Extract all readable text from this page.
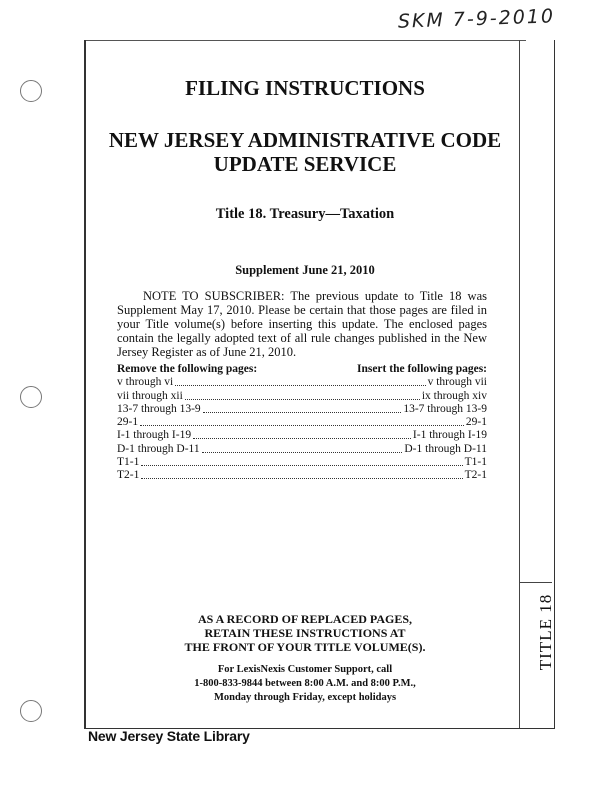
SKM 7-9-2010
TITLE 18
FILING INSTRUCTIONS
NEW JERSEY ADMINISTRATIVE CODE
UPDATE SERVICE
Title 18. Treasury—Taxation
Supplement June 21, 2010
NOTE TO SUBSCRIBER: The previous update to Title 18 was Supplement May 17, 2010. Please be certain that those pages are filed in your Title volume(s) before inserting this update. The enclosed pages contain the legally adopted text of all rule changes published in the New Jersey Register as of June 21, 2010.
Remove the following pages:	Insert the following pages:
v through vi	v through vii
vii through xii	ix through xiv
13-7 through 13-9	13-7 through 13-9
29-1	29-1
I-1 through I-19	I-1 through I-19
D-1 through D-11	D-1 through D-11
T1-1	T1-1
T2-1	T2-1
AS A RECORD OF REPLACED PAGES,
RETAIN THESE INSTRUCTIONS AT
THE FRONT OF YOUR TITLE VOLUME(S).
For LexisNexis Customer Support, call
1-800-833-9844 between 8:00 A.M. and 8:00 P.M.,
Monday through Friday, except holidays
New Jersey State Library
